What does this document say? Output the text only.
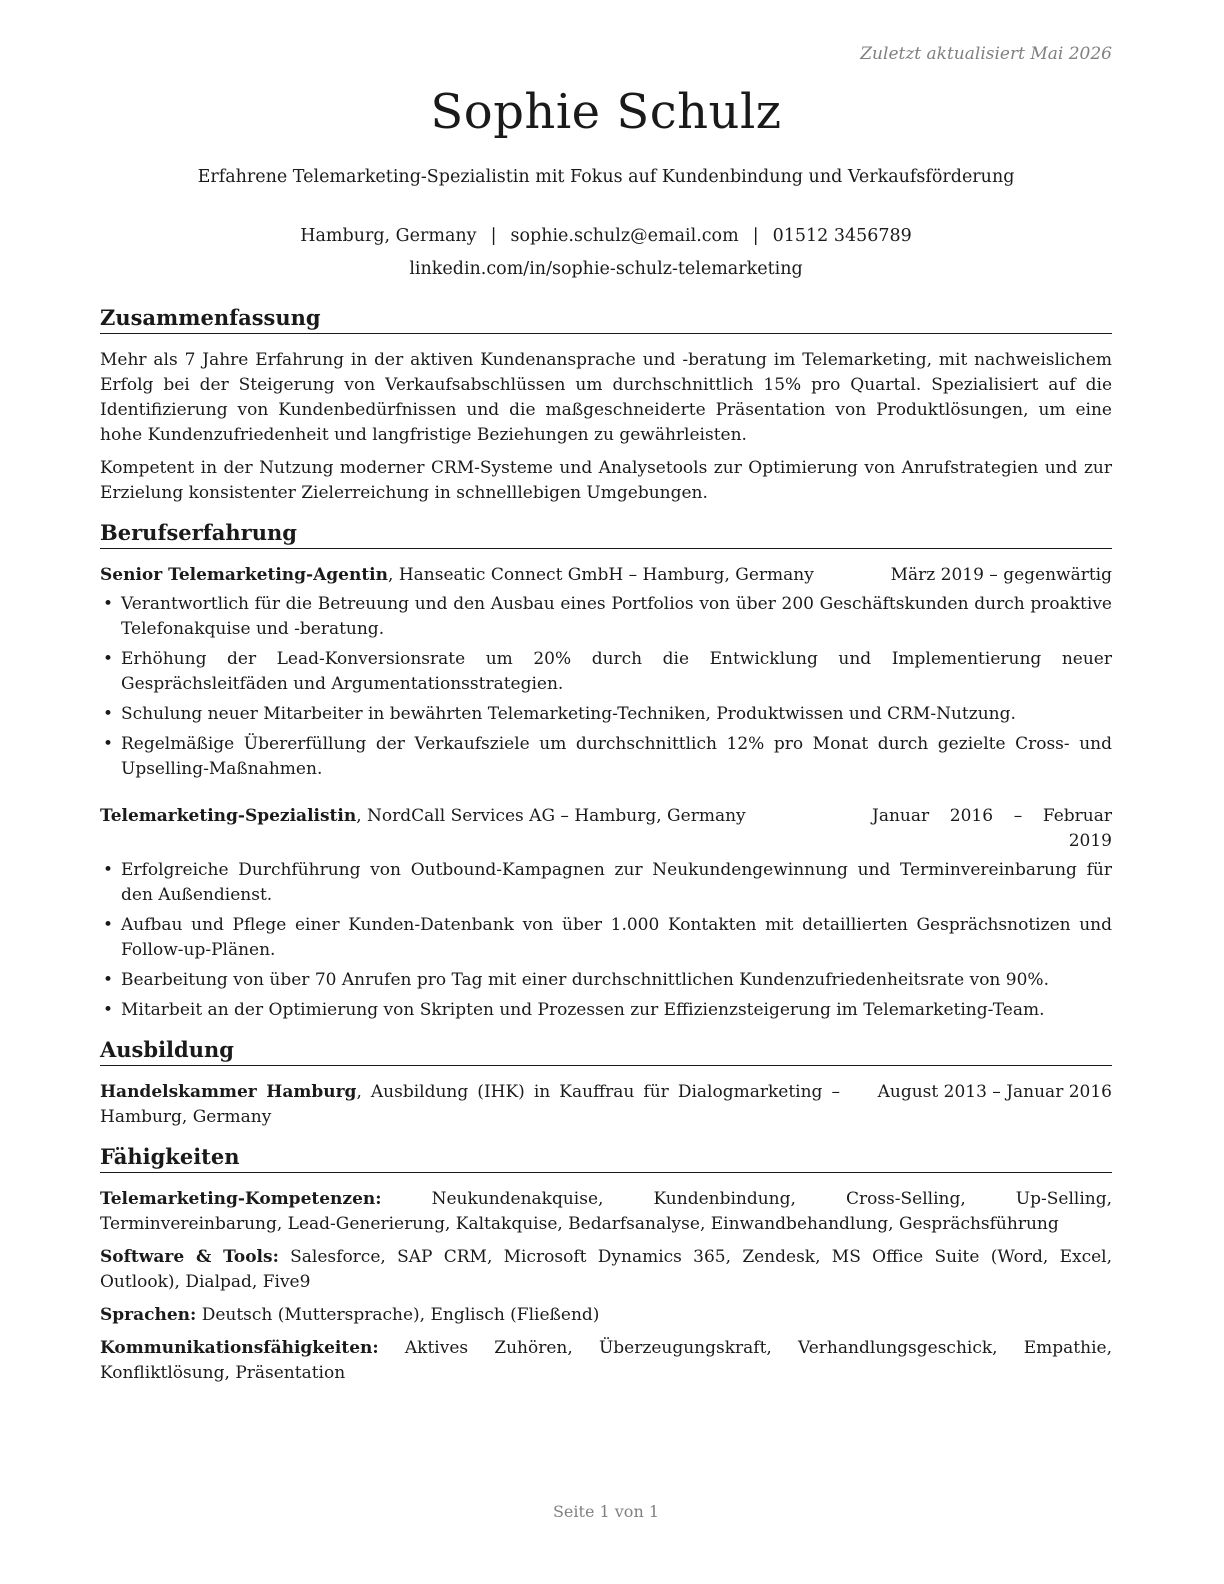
Zuletzt aktualisiert Mai 2026
Sophie Schulz
Erfahrene Telemarketing-Spezialistin mit Fokus auf Kundenbindung und Verkaufsförderung
Hamburg, Germany | sophie.schulz@email.com | 01512 3456789
linkedin.com/in/sophie-schulz-telemarketing
Zusammenfassung

Mehr als 7 Jahre Erfahrung in der aktiven Kundenansprache und -beratung im Telemarketing, mit nachweislichem Erfolg bei der Steigerung von Verkaufsabschlüssen um durchschnittlich 15% pro Quartal. Spezialisiert auf die Identifizierung von Kundenbedürfnissen und die maßgeschneiderte Präsentation von Produktlösungen, um eine hohe Kundenzufriedenheit und langfristige Beziehungen zu gewährleisten.

Kompetent in der Nutzung moderner CRM-Systeme und Analysetools zur Optimierung von Anrufstrategien und zur Erzielung konsistenter Zielerreichung in schnelllebigen Umgebungen.

Berufserfahrung
Senior Telemarketing-Agentin, Hanseatic Connect GmbH – Hamburg, Germany	März 2019 – gegenwärtig
• Verantwortlich für die Betreuung und den Ausbau eines Portfolios von über 200 Geschäftskunden durch proaktive Telefonakquise und -beratung.
• Erhöhung der Lead-Konversionsrate um 20% durch die Entwicklung und Implementierung neuer Gesprächsleitfäden und Argumentationsstrategien.
• Schulung neuer Mitarbeiter in bewährten Telemarketing-Techniken, Produktwissen und CRM-Nutzung.
• Regelmäßige Übererfüllung der Verkaufsziele um durchschnittlich 12% pro Monat durch gezielte Cross- und Upselling-Maßnahmen.
Telemarketing-Spezialistin, NordCall Services AG – Hamburg, Germany	Januar 2016 – Februar 2019
• Erfolgreiche Durchführung von Outbound-Kampagnen zur Neukundengewinnung und Terminvereinbarung für den Außendienst.
• Aufbau und Pflege einer Kunden-Datenbank von über 1.000 Kontakten mit detaillierten Gesprächsnotizen und Follow-up-Plänen.
• Bearbeitung von über 70 Anrufen pro Tag mit einer durchschnittlichen Kundenzufriedenheitsrate von 90%.
• Mitarbeit an der Optimierung von Skripten und Prozessen zur Effizienzsteigerung im Telemarketing-Team.
Ausbildung
Handelskammer Hamburg, Ausbildung (IHK) in Kauffrau für Dialogmarketing – Hamburg, Germany
August 2013 – Januar 2016
Fähigkeiten
Telemarketing-Kompetenzen: Neukundenakquise, Kundenbindung, Cross-Selling, Up-Selling, Terminvereinbarung, Lead-Generierung, Kaltakquise, Bedarfsanalyse, Einwandbehandlung, Gesprächsführung
Software & Tools: Salesforce, SAP CRM, Microsoft Dynamics 365, Zendesk, MS Office Suite (Word, Excel, Outlook), Dialpad, Five9
Sprachen: Deutsch (Muttersprache), Englisch (Fließend)
Kommunikationsfähigkeiten: Aktives Zuhören, Überzeugungskraft, Verhandlungsgeschick, Empathie, Konfliktlösung, Präsentation
Seite 1 von 1
